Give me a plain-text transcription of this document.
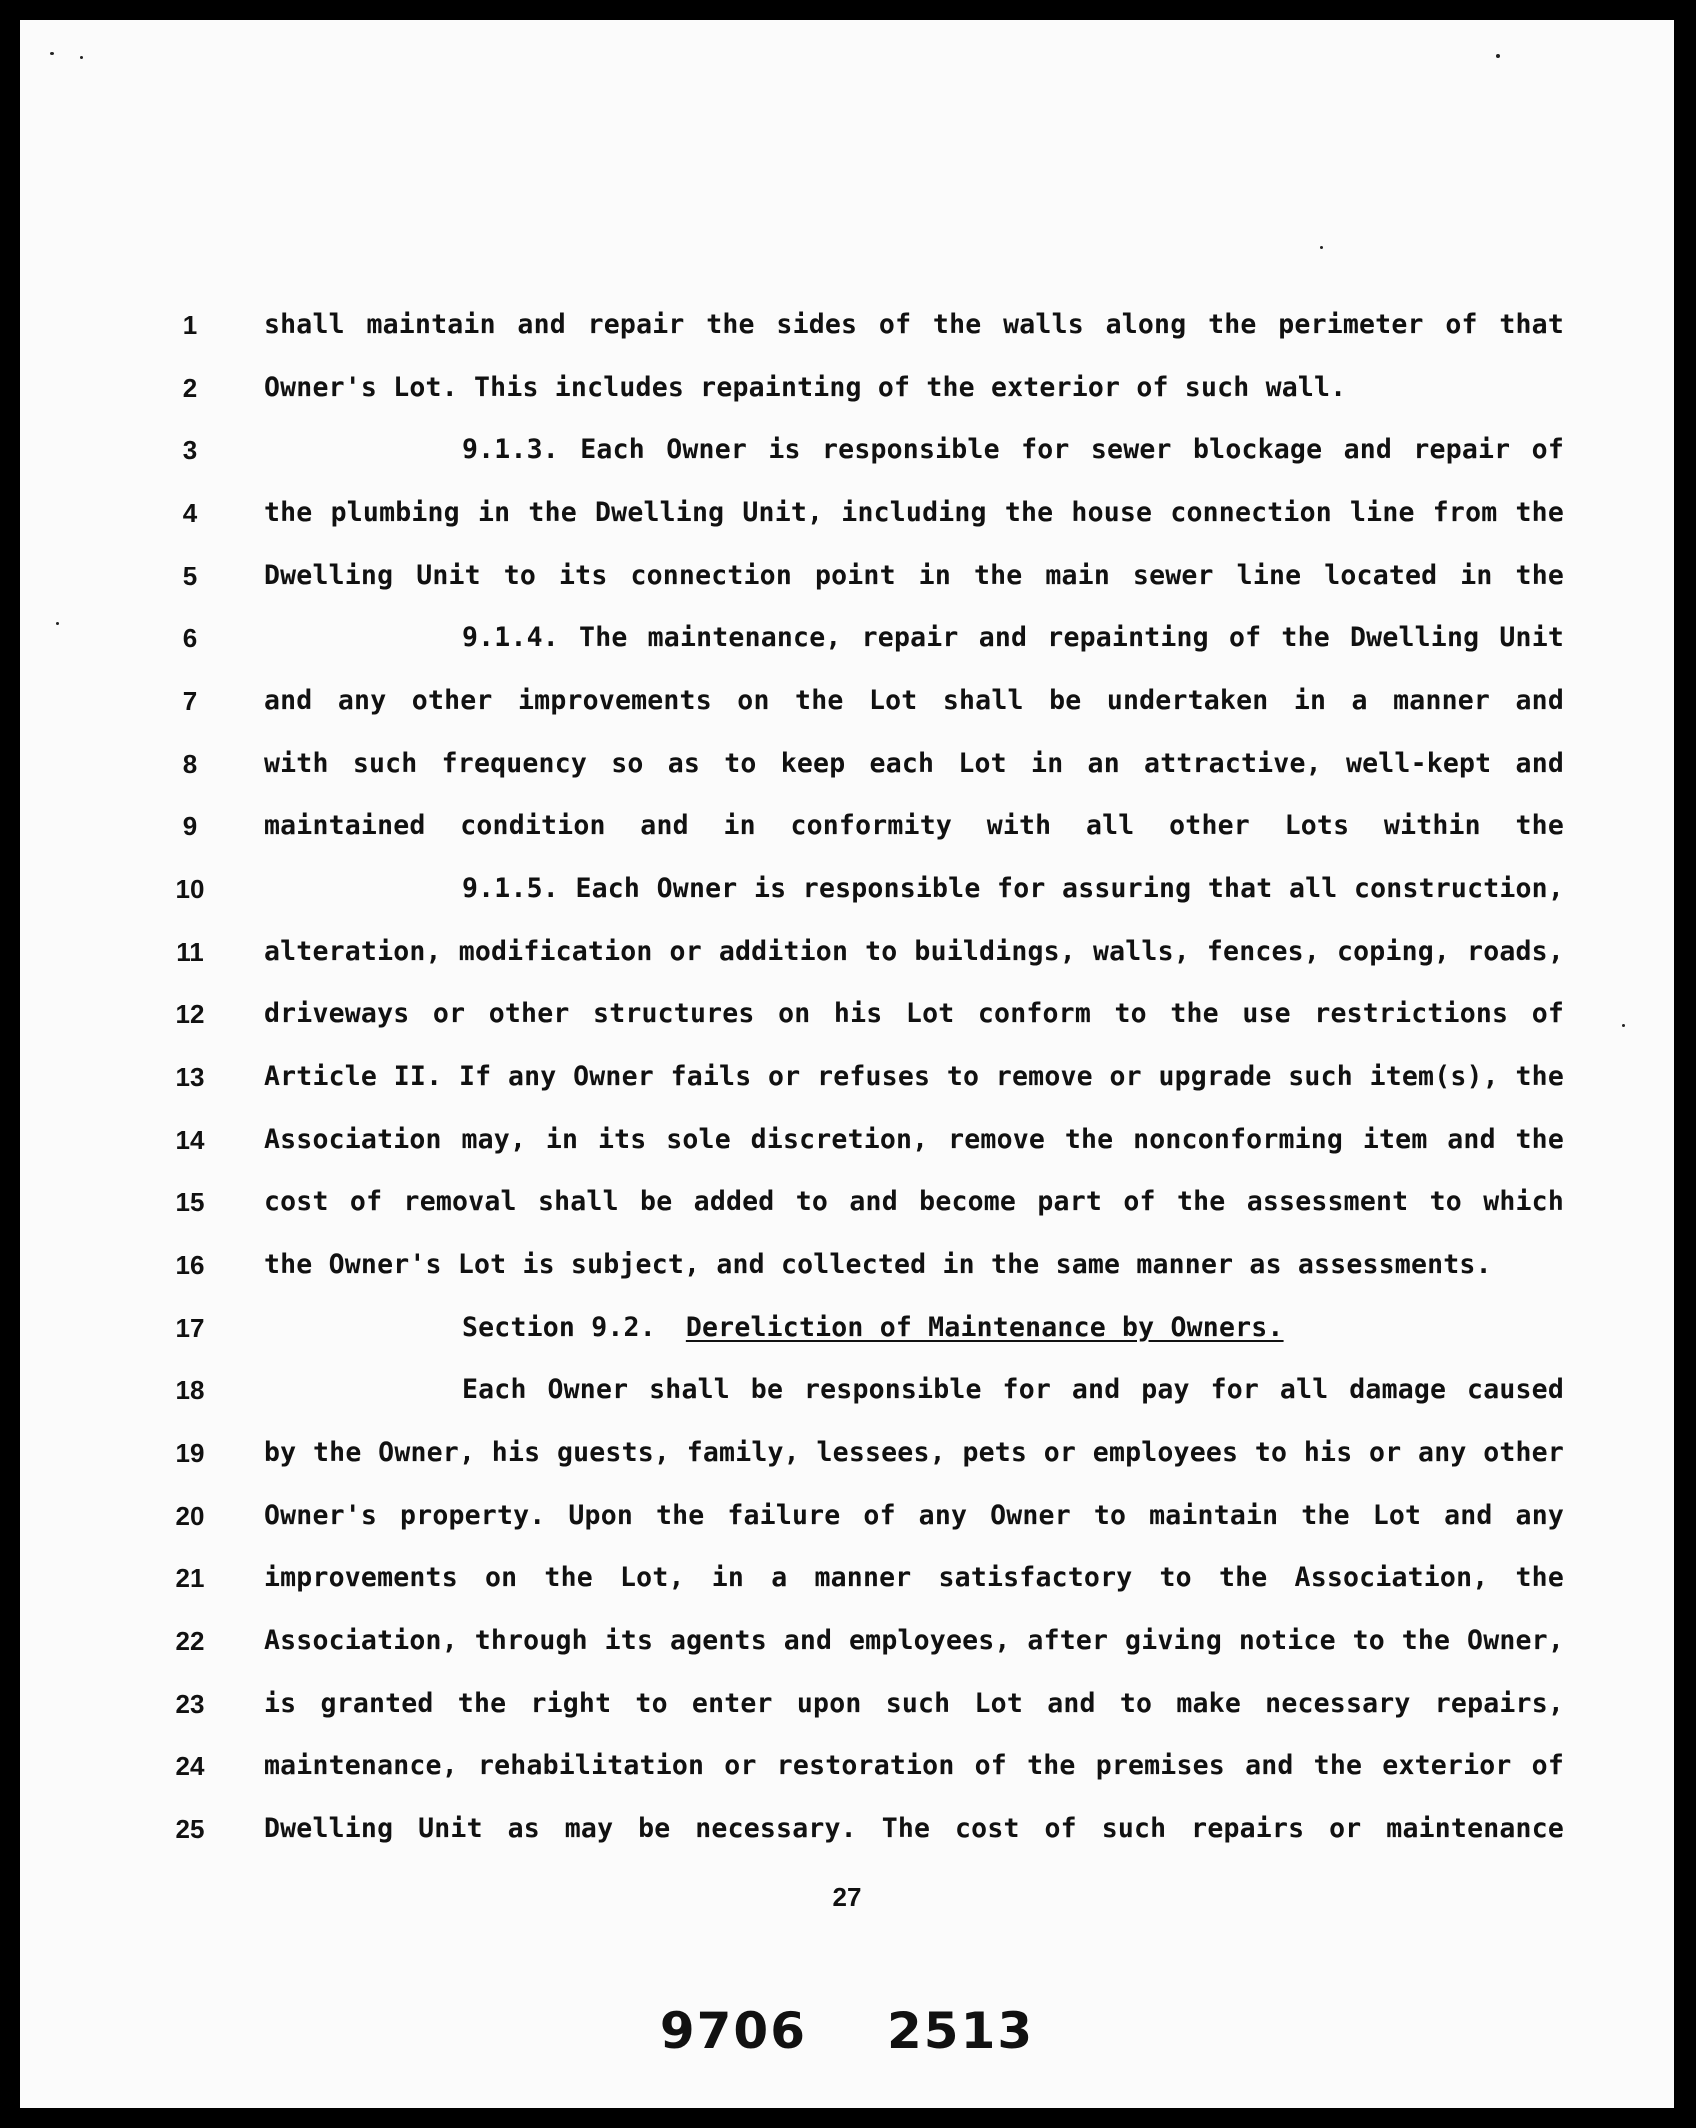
1	shall maintain and repair the sides of the walls along the perimeter of that
2	Owner's Lot. This includes repainting of the exterior of such wall.
3	9.1.3. Each Owner is responsible for sewer blockage and repair of
4	the plumbing in the Dwelling Unit, including the house connection line from the
5	Dwelling Unit to its connection point in the main sewer line located in the
6	9.1.4. The maintenance, repair and repainting of the Dwelling Unit
7	and any other improvements on the Lot shall be undertaken in a manner and
8	with such frequency so as to keep each Lot in an attractive, well-kept and
9	maintained condition and in conformity with all other Lots within the
10	9.1.5. Each Owner is responsible for assuring that all construction,
11	alteration, modification or addition to buildings, walls, fences, coping, roads,
12	driveways or other structures on his Lot conform to the use restrictions of
13	Article II. If any Owner fails or refuses to remove or upgrade such item(s), the
14	Association may, in its sole discretion, remove the nonconforming item and the
15	cost of removal shall be added to and become part of the assessment to which
16	the Owner's Lot is subject, and collected in the same manner as assessments.
17	Section 9.2. Dereliction of Maintenance by Owners.
18	Each Owner shall be responsible for and pay for all damage caused
19	by the Owner, his guests, family, lessees, pets or employees to his or any other
20	Owner's property. Upon the failure of any Owner to maintain the Lot and any
21	improvements on the Lot, in a manner satisfactory to the Association, the
22	Association, through its agents and employees, after giving notice to the Owner,
23	is granted the right to enter upon such Lot and to make necessary repairs,
24	maintenance, rehabilitation or restoration of the premises and the exterior of
25	Dwelling Unit as may be necessary. The cost of such repairs or maintenance
27
9706 2513
